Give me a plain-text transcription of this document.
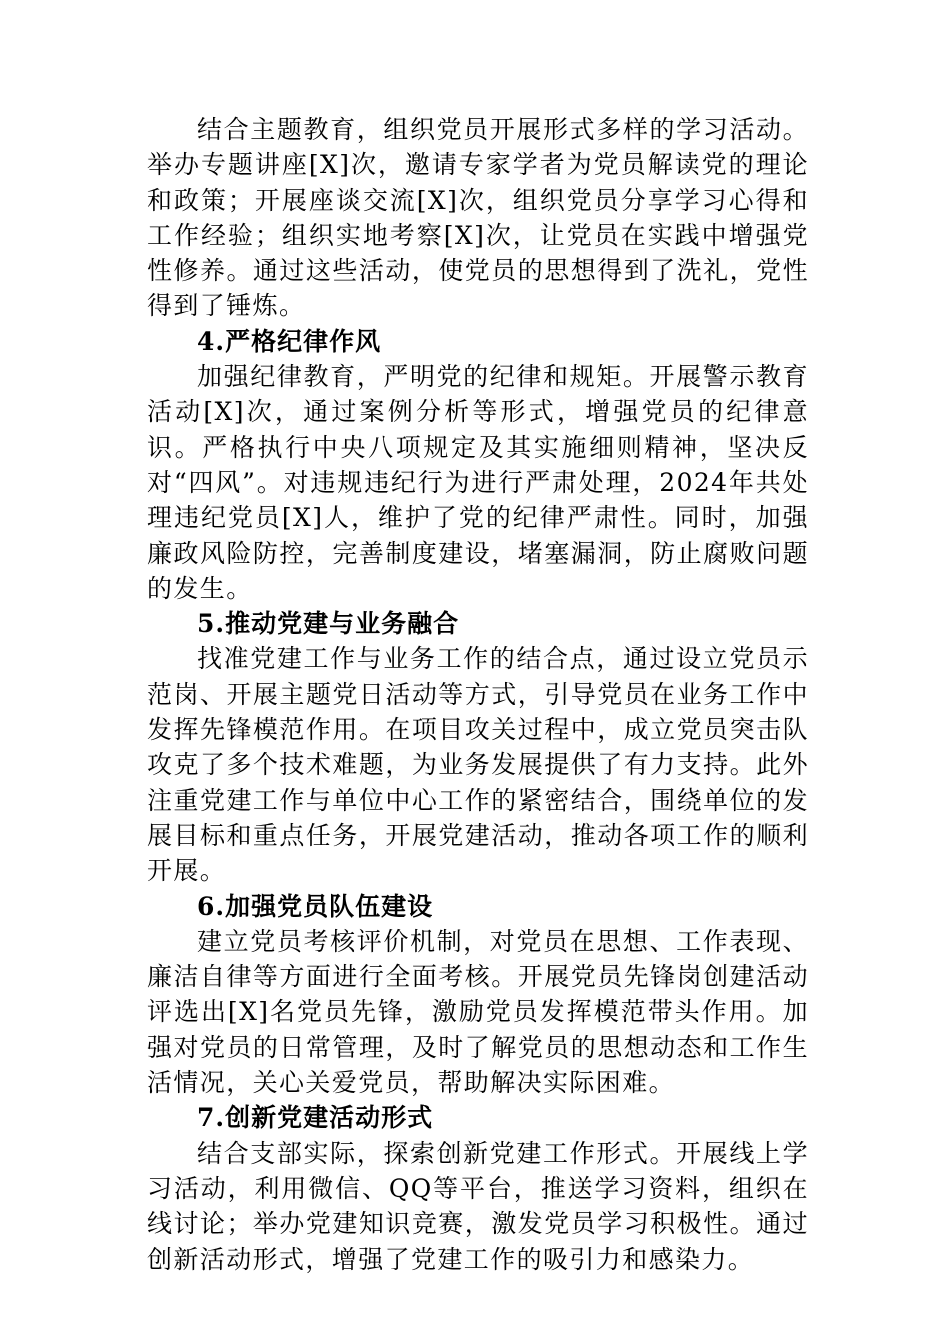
结合主题教育，组织党员开展形式多样的学习活动。举办专题讲座[X]次，邀请专家学者为党员解读党的理论和政策；开展座谈交流[X]次，组织党员分享学习心得和工作经验；组织实地考察[X]次，让党员在实践中增强党性修养。通过这些活动，使党员的思想得到了洗礼，党性得到了锤炼。

4.严格纪律作风

加强纪律教育，严明党的纪律和规矩。开展警示教育活动[X]次，通过案例分析等形式，增强党员的纪律意识。严格执行中央八项规定及其实施细则精神，坚决反对“四风”。对违规违纪行为进行严肃处理，2024年共处理违纪党员[X]人，维护了党的纪律严肃性。同时，加强廉政风险防控，完善制度建设，堵塞漏洞，防止腐败问题的发生。

5.推动党建与业务融合

找准党建工作与业务工作的结合点，通过设立党员示范岗、开展主题党日活动等方式，引导党员在业务工作中发挥先锋模范作用。在项目攻关过程中，成立党员突击队攻克了多个技术难题，为业务发展提供了有力支持。此外注重党建工作与单位中心工作的紧密结合，围绕单位的发展目标和重点任务，开展党建活动，推动各项工作的顺利开展。

6.加强党员队伍建设

建立党员考核评价机制，对党员在思想、工作表现、廉洁自律等方面进行全面考核。开展党员先锋岗创建活动评选出[X]名党员先锋，激励党员发挥模范带头作用。加强对党员的日常管理，及时了解党员的思想动态和工作生活情况，关心关爱党员，帮助解决实际困难。

7.创新党建活动形式

结合支部实际，探索创新党建工作形式。开展线上学习活动，利用微信、QQ等平台，推送学习资料，组织在线讨论；举办党建知识竞赛，激发党员学习积极性。通过创新活动形式，增强了党建工作的吸引力和感染力。
